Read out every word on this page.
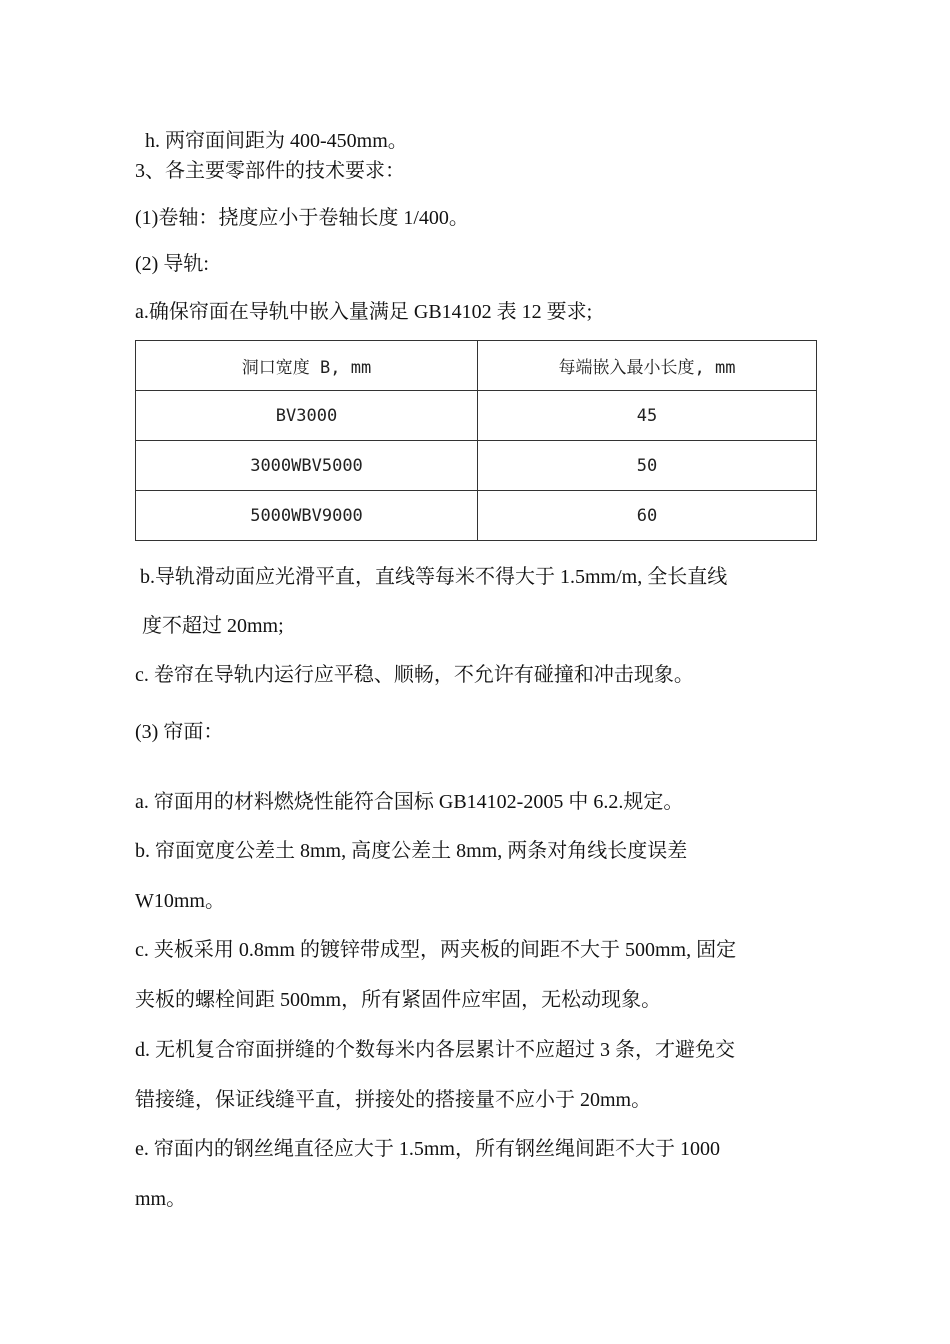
h. 两帘面间距为 400-450mm。
3、各主要零部件的技术要求：
(1)卷轴：挠度应小于卷轴长度 1/400。
(2) 导轨:
a.确保帘面在导轨中嵌入量满足 GB14102 表 12 要求;
洞口宽度 B, mm	每端嵌入最小长度, mm
BV3000	45
3000WBV5000	50
5000WBV9000	60
b.导轨滑动面应光滑平直，直线等每米不得大于 1.5mm/m, 全长直线
度不超过 20mm;
c. 卷帘在导轨内运行应平稳、顺畅，不允许有碰撞和冲击现象。
(3) 帘面：
a. 帘面用的材料燃烧性能符合国标 GB14102-2005 中 6.2.规定。
b. 帘面宽度公差土 8mm, 高度公差土 8mm, 两条对角线长度误差
W10mm。
c. 夹板采用 0.8mm 的镀锌带成型，两夹板的间距不大于 500mm, 固定
夹板的螺栓间距 500mm，所有紧固件应牢固，无松动现象。
d. 无机复合帘面拼缝的个数每米内各层累计不应超过 3 条，才避免交
错接缝，保证线缝平直，拼接处的搭接量不应小于 20mm。
e. 帘面内的钢丝绳直径应大于 1.5mm，所有钢丝绳间距不大于 1000
mm。
